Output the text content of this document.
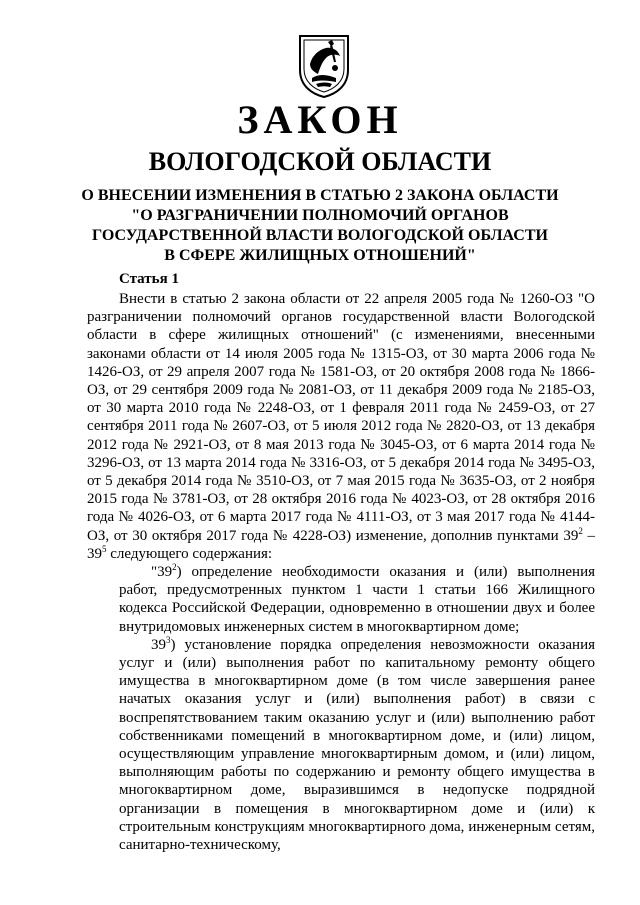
ЗАКОН
ВОЛОГОДСКОЙ ОБЛАСТИ
О ВНЕСЕНИИ ИЗМЕНЕНИЯ В СТАТЬЮ 2 ЗАКОНА ОБЛАСТИ
"О РАЗГРАНИЧЕНИИ ПОЛНОМОЧИЙ ОРГАНОВ
ГОСУДАРСТВЕННОЙ ВЛАСТИ ВОЛОГОДСКОЙ ОБЛАСТИ
В СФЕРЕ ЖИЛИЩНЫХ ОТНОШЕНИЙ"
Статья 1

Внести в статью 2 закона области от 22 апреля 2005 года № 1260-ОЗ "О разграничении полномочий органов государственной власти Вологодской области в сфере жилищных отношений" (с изменениями, внесенными законами области от 14 июля 2005 года № 1315-ОЗ, от 30 марта 2006 года № 1426-ОЗ, от 29 апреля 2007 года № 1581-ОЗ, от 20 октября 2008 года № 1866-ОЗ, от 29 сентября 2009 года № 2081-ОЗ, от 11 декабря 2009 года № 2185-ОЗ, от 30 марта 2010 года № 2248-ОЗ, от 1 февраля 2011 года № 2459-ОЗ, от 27 сентября 2011 года № 2607-ОЗ, от 5 июля 2012 года № 2820-ОЗ, от 13 декабря 2012 года № 2921-ОЗ, от 8 мая 2013 года № 3045-ОЗ, от 6 марта 2014 года № 3296-ОЗ, от 13 марта 2014 года № 3316-ОЗ, от 5 декабря 2014 года № 3495-ОЗ, от 5 декабря 2014 года № 3510-ОЗ, от 7 мая 2015 года № 3635-ОЗ, от 2 ноября 2015 года № 3781-ОЗ, от 28 октября 2016 года № 4023-ОЗ, от 28 октября 2016 года № 4026-ОЗ, от 6 марта 2017 года № 4111-ОЗ, от 3 мая 2017 года № 4144-ОЗ, от 30 октября 2017 года № 4228-ОЗ) изменение, дополнив пунктами $39^2 - 39^5$ следующего содержания:

"$39^2$) определение необходимости оказания и (или) выполнения работ, предусмотренных пунктом 1 части 1 статьи 166 Жилищного кодекса Российской Федерации, одновременно в отношении двух и более внутридомовых инженерных систем в многоквартирном доме;

$39^3$) установление порядка определения невозможности оказания услуг и (или) выполнения работ по капитальному ремонту общего имущества в многоквартирном доме (в том числе завершения ранее начатых оказания услуг и (или) выполнения работ) в связи с воспрепятствованием таким оказанию услуг и (или) выполнению работ собственниками помещений в многоквартирном доме, и (или) лицом, осуществляющим управление многоквартирным домом, и (или) лицом, выполняющим работы по содержанию и ремонту общего имущества в многоквартирном доме, выразившимся в недопуске подрядной организации в помещения в многоквартирном доме и (или) к строительным конструкциям многоквартирного дома, инженерным сетям, санитарно-техническому,
